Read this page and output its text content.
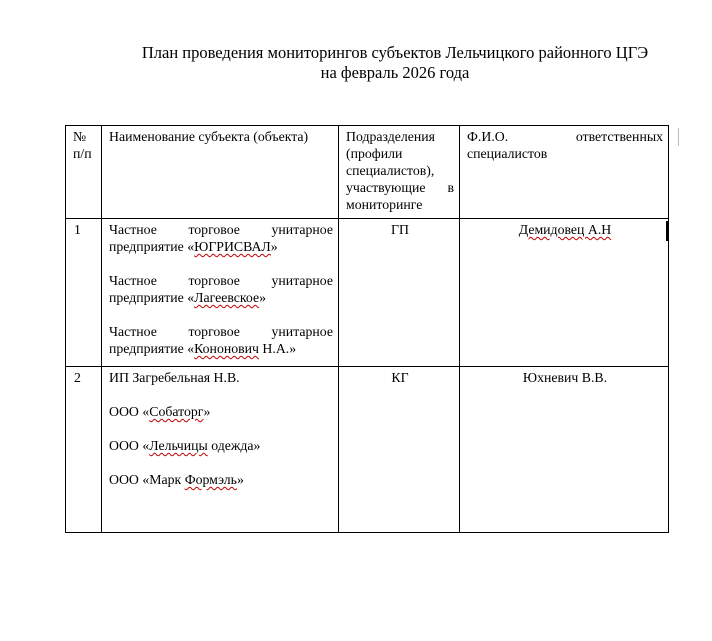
План проведения мониторингов субъектов Лельчицкого районного ЦГЭ
на февраль 2026 года
№ п/п	Наименование субъекта (объекта)	Подразделения (профили специалистов), участвующие в мониторинге	Ф.И.О. ответственных специалистов
1	Частное торговое унитарное предприятие «ЮГРИСВАЛ»

Частное торговое унитарное предприятие «Лагеевское»

Частное торговое унитарное предприятие «Кононович Н.А.»	ГП	Демидовец А.Н
2	ИП Загребельная Н.В.

ООО «Собаторг»

ООО «Лельчицы одежда»

ООО «Марк Формэль»	КГ	Юхневич В.В.
